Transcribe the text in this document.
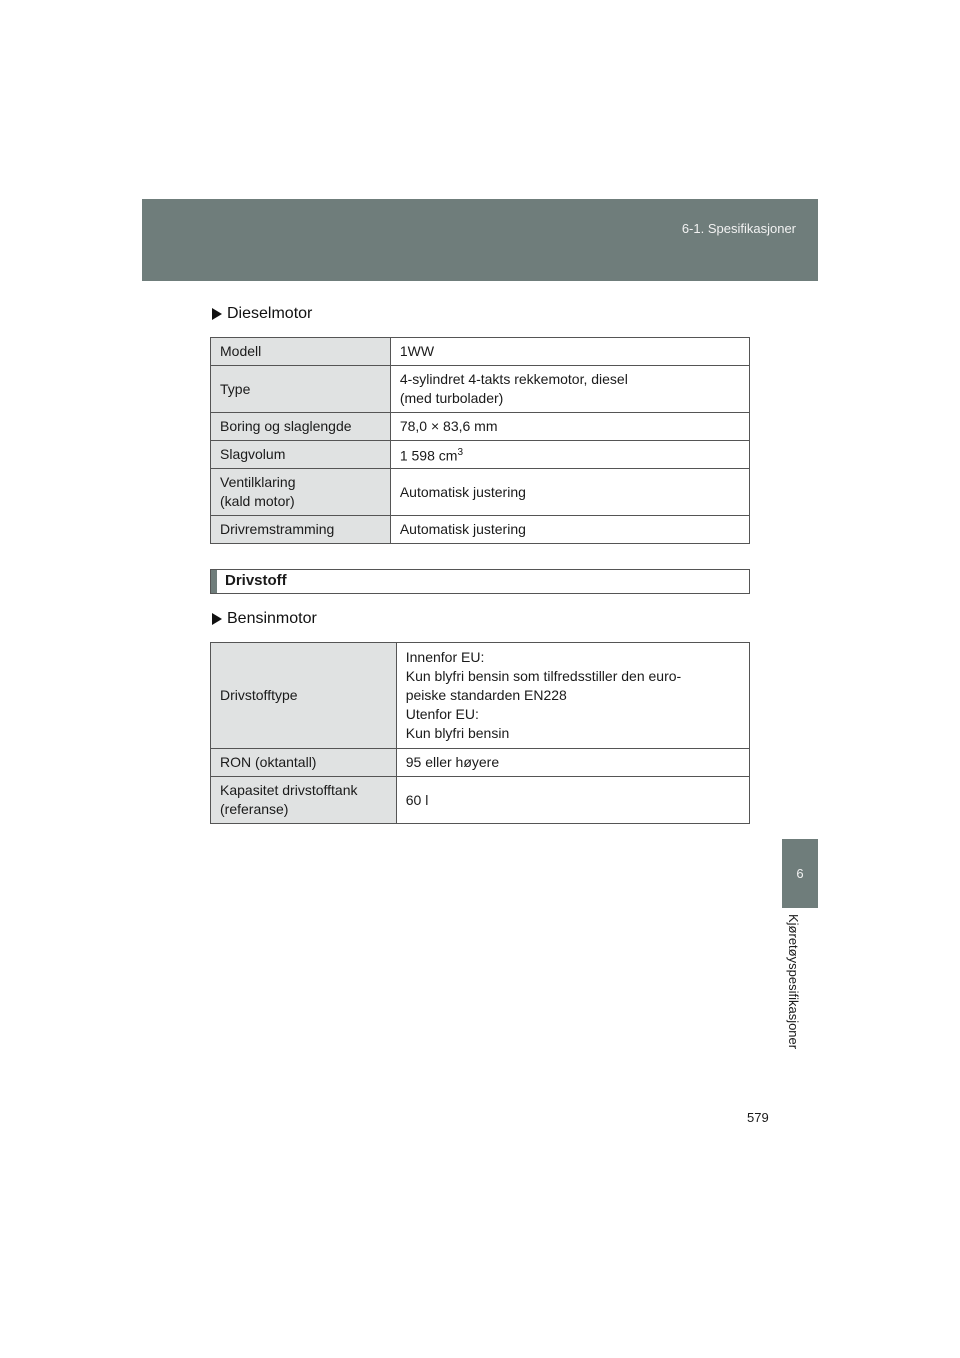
6-1. Spesifikasjoner
6
Kjøretøyspesifikasjoner
Dieselmotor
Modell	1WW

Type	4-sylindret 4-takts rekkemotor, diesel
(med turbolader)

Boring og slaglengde	78,0 × 83,6 mm

Slagvolum	1 598 $cm^3$

Ventilklaring
(kald motor)	Automatisk justering

Drivremstramming	Automatisk justering
Drivstoff
Bensinmotor
Drivstofftype	Innenfor EU:
Kun blyfri bensin som tilfredsstiller den euro-
peiske standarden EN228
Utenfor EU:
Kun blyfri bensin

RON (oktantall)	95 eller høyere

Kapasitet drivstofftank
(referanse)	60 l
579
